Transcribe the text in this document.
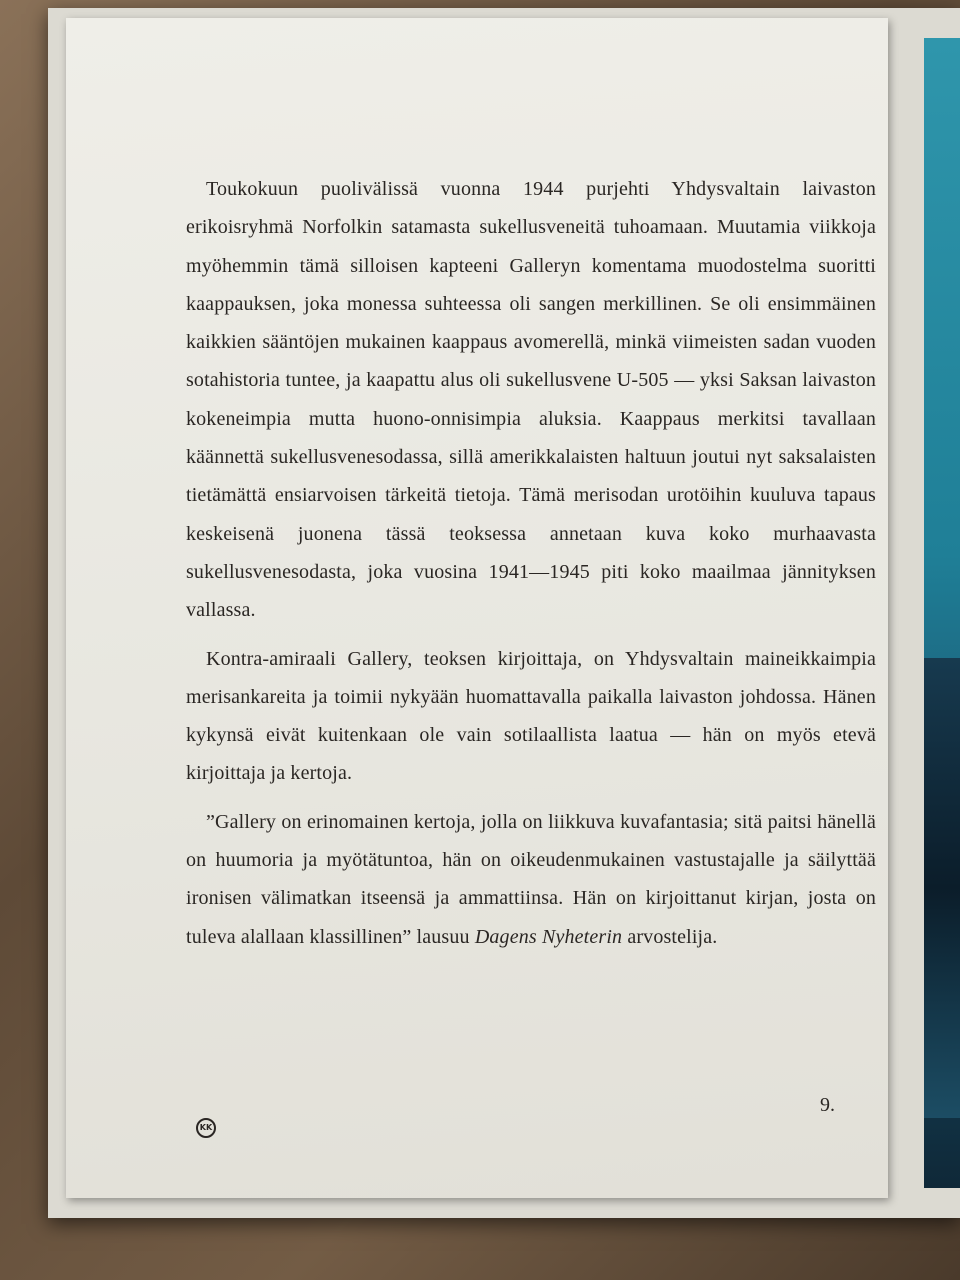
Toukokuun puolivälissä vuonna 1944 purjehti Yhdysvaltain laivaston erikoisryhmä Norfolkin satamasta sukellusveneitä tuhoamaan. Muutamia viikkoja myöhemmin tämä silloisen kapteeni Galleryn komentama muodostelma suoritti kaappauksen, joka monessa suhteessa oli sangen merkillinen. Se oli ensimmäinen kaikkien sääntöjen mukainen kaappaus avomerellä, minkä viimeisten sadan vuoden sotahistoria tuntee, ja kaapattu alus oli sukellusvene U-505 — yksi Saksan laivaston kokeneimpia mutta huono-onnisimpia aluksia. Kaappaus merkitsi tavallaan käännettä sukellusvenesodassa, sillä amerikkalaisten haltuun joutui nyt saksalaisten tietämättä ensiarvoisen tärkeitä tietoja. Tämä merisodan urotöihin kuuluva tapaus keskeisenä juonena tässä teoksessa annetaan kuva koko murhaavasta sukellusvenesodasta, joka vuosina 1941—1945 piti koko maailmaa jännityksen vallassa.

Kontra-amiraali Gallery, teoksen kirjoittaja, on Yhdysvaltain maineikkaimpia merisankareita ja toimii nykyään huomattavalla paikalla laivaston johdossa. Hänen kykynsä eivät kuitenkaan ole vain sotilaallista laatua — hän on myös etevä kirjoittaja ja kertoja.

”Gallery on erinomainen kertoja, jolla on liikkuva kuvafantasia; sitä paitsi hänellä on huumoria ja myötätuntoa, hän on oikeudenmukainen vastustajalle ja säilyttää ironisen välimatkan itseensä ja ammattiinsa. Hän on kirjoittanut kirjan, josta on tuleva alallaan klassillinen” lausuu Dagens Nyheterin arvostelija.

9.
KK
